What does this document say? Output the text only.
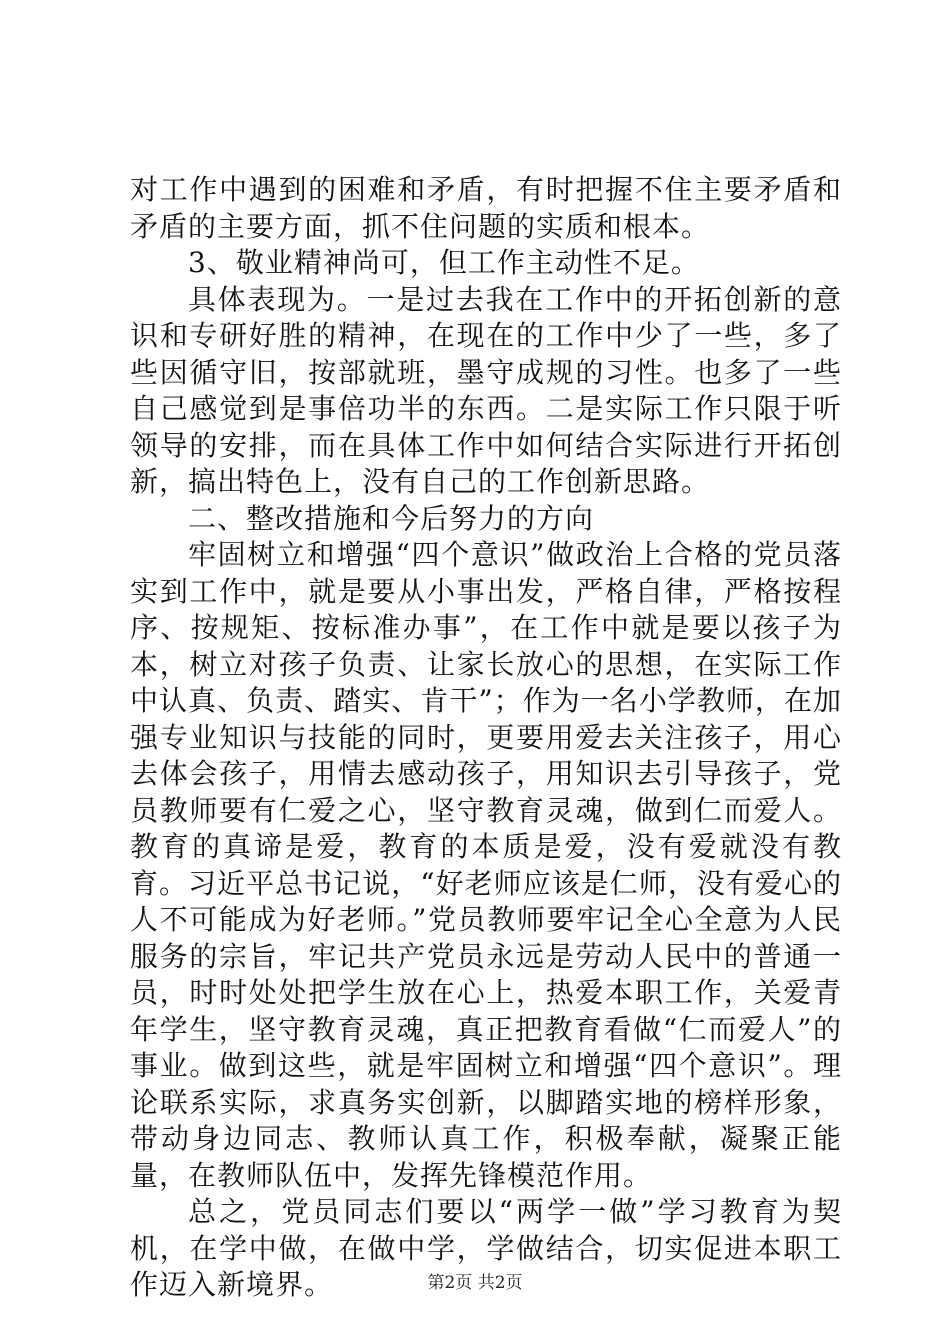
对工作中遇到的困难和矛盾，有时把握不住主要矛盾和矛盾的主要方面，抓不住问题的实质和根本。

3、敬业精神尚可，但工作主动性不足。

具体表现为。一是过去我在工作中的开拓创新的意识和专研好胜的精神，在现在的工作中少了一些，多了些因循守旧，按部就班，墨守成规的习性。也多了一些自己感觉到是事倍功半的东西。二是实际工作只限于听领导的安排，而在具体工作中如何结合实际进行开拓创新，搞出特色上，没有自己的工作创新思路。

二、整改措施和今后努力的方向

牢固树立和增强“四个意识”做政治上合格的党员落实到工作中，就是要从小事出发，严格自律，严格按程序、按规矩、按标准办事”，在工作中就是要以孩子为本，树立对孩子负责、让家长放心的思想，在实际工作中认真、负责、踏实、肯干”；作为一名小学教师，在加强专业知识与技能的同时，更要用爱去关注孩子，用心去体会孩子，用情去感动孩子，用知识去引导孩子，党员教师要有仁爱之心，坚守教育灵魂，做到仁而爱人。教育的真谛是爱，教育的本质是爱，没有爱就没有教育。习近平总书记说，“好老师应该是仁师，没有爱心的人不可能成为好老师。”党员教师要牢记全心全意为人民服务的宗旨，牢记共产党员永远是劳动人民中的普通一员，时时处处把学生放在心上，热爱本职工作，关爱青年学生，坚守教育灵魂，真正把教育看做“仁而爱人”的事业。做到这些，就是牢固树立和增强“四个意识”。理论联系实际，求真务实创新，以脚踏实地的榜样形象，带动身边同志、教师认真工作，积极奉献，凝聚正能量，在教师队伍中，发挥先锋模范作用。

总之，党员同志们要以“两学一做”学习教育为契机，在学中做，在做中学，学做结合，切实促进本职工作迈入新境界。	第2页 共2页
